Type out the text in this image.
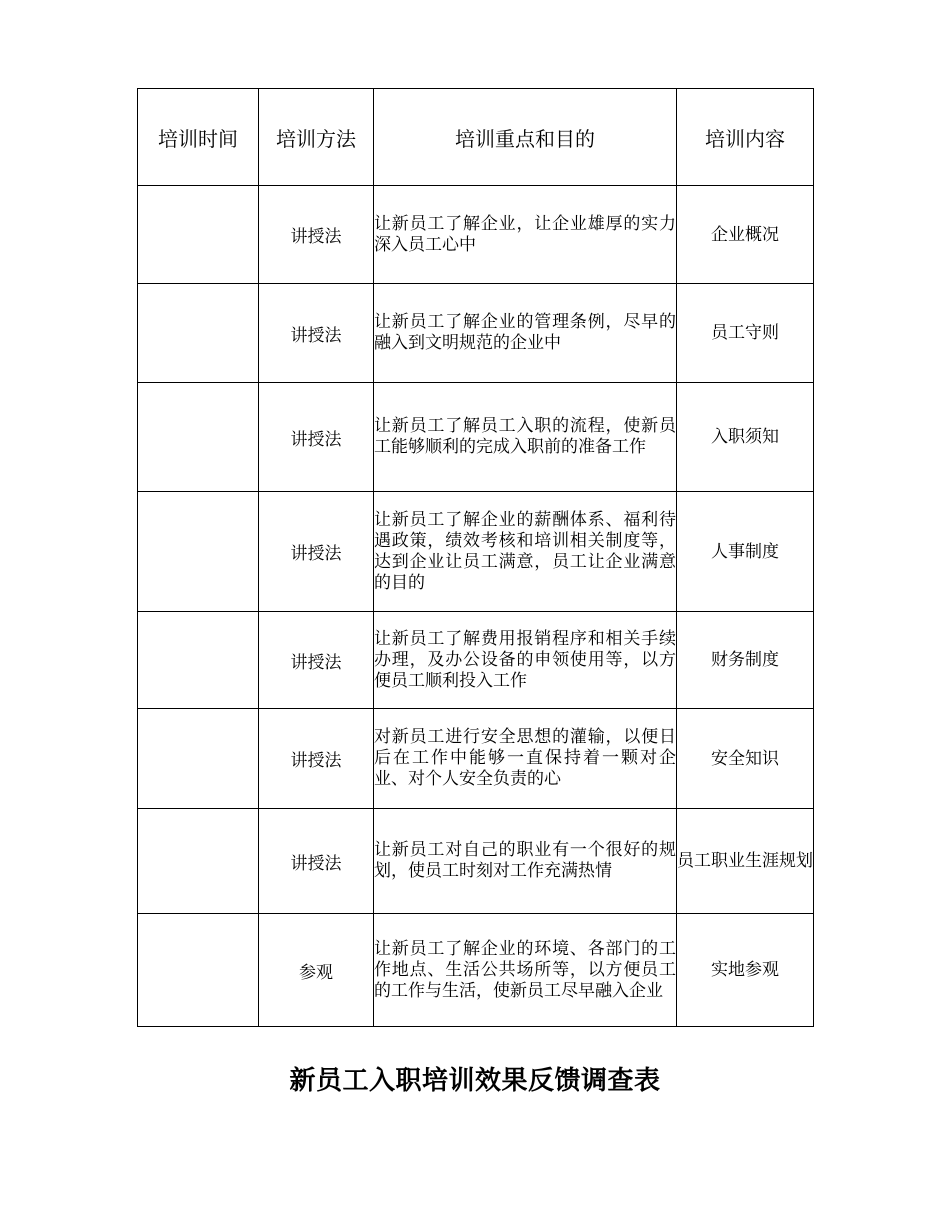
培训时间	培训方法	培训重点和目的	培训内容
	讲授法	让新员工了解企业，让企业雄厚的实力深入员工心中	企业概况
	讲授法	让新员工了解企业的管理条例，尽早的融入到文明规范的企业中	员工守则
	讲授法	让新员工了解员工入职的流程，使新员工能够顺利的完成入职前的准备工作	入职须知
	讲授法	让新员工了解企业的薪酬体系、福利待遇政策，绩效考核和培训相关制度等，达到企业让员工满意，员工让企业满意的目的	人事制度
	讲授法	让新员工了解费用报销程序和相关手续办理，及办公设备的申领使用等，以方便员工顺利投入工作	财务制度
	讲授法	对新员工进行安全思想的灌输，以便日后在工作中能够一直保持着一颗对企业、对个人安全负责的心	安全知识
	讲授法	让新员工对自己的职业有一个很好的规划，使员工时刻对工作充满热情	员工职业生涯规划
	参观	让新员工了解企业的环境、各部门的工作地点、生活公共场所等，以方便员工的工作与生活，使新员工尽早融入企业	实地参观
新员工入职培训效果反馈调查表
